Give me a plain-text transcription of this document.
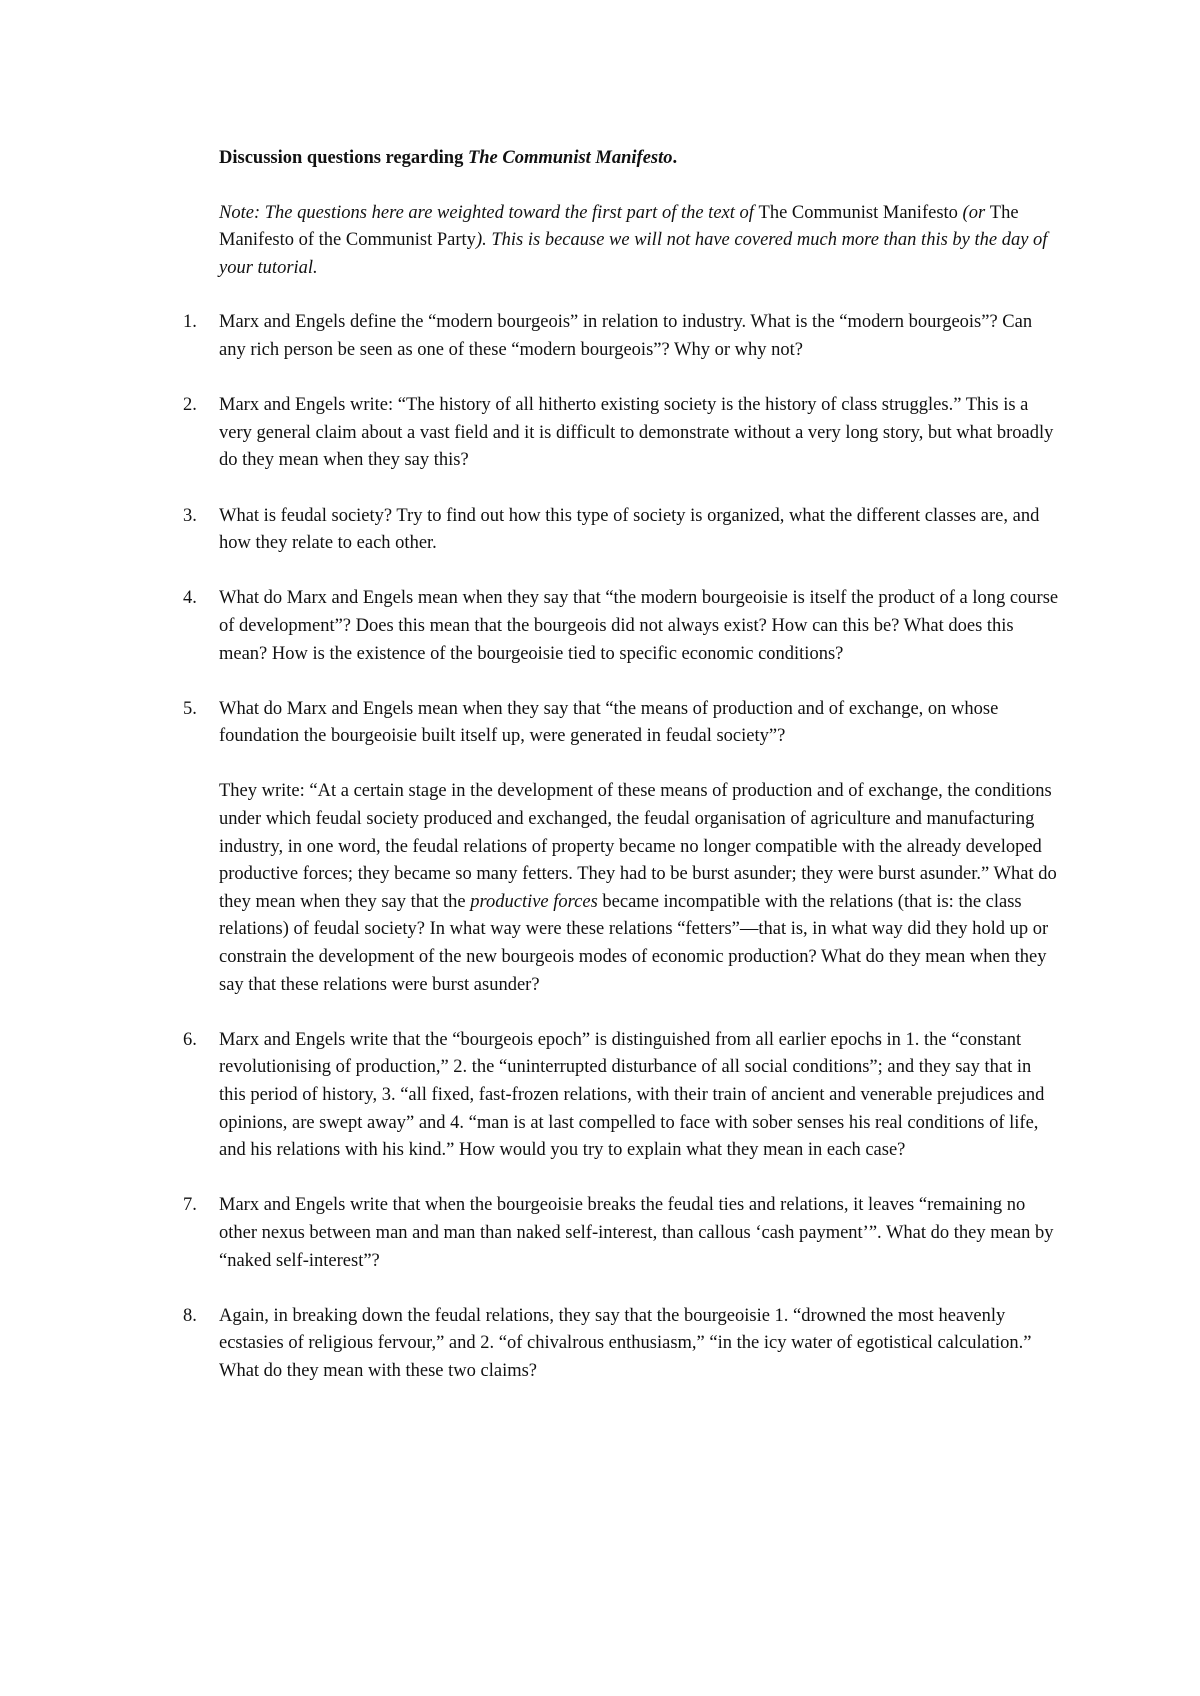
Discussion questions regarding The Communist Manifesto.

Note: The questions here are weighted toward the first part of the text of The Communist Manifesto (or The Manifesto of the Communist Party). This is because we will not have covered much more than this by the day of your tutorial.

1.	Marx and Engels define the “modern bourgeois” in relation to industry. What is the “modern bourgeois”? Can any rich person be seen as one of these “modern bourgeois”? Why or why not?

2.	Marx and Engels write: “The history of all hitherto existing society is the history of class struggles.” This is a very general claim about a vast field and it is difficult to demonstrate without a very long story, but what broadly do they mean when they say this?

3.	What is feudal society? Try to find out how this type of society is organized, what the different classes are, and how they relate to each other.

4.	What do Marx and Engels mean when they say that “the modern bourgeoisie is itself the product of a long course of development”? Does this mean that the bourgeois did not always exist? How can this be? What does this mean? How is the existence of the bourgeoisie tied to specific economic conditions?

5.	What do Marx and Engels mean when they say that “the means of production and of exchange, on whose foundation the bourgeoisie built itself up, were generated in feudal society”?

They write: “At a certain stage in the development of these means of production and of exchange, the conditions under which feudal society produced and exchanged, the feudal organisation of agriculture and manufacturing industry, in one word, the feudal relations of property became no longer compatible with the already developed productive forces; they became so many fetters. They had to be burst asunder; they were burst asunder.” What do they mean when they say that the productive forces became incompatible with the relations (that is: the class relations) of feudal society? In what way were these relations “fetters”—that is, in what way did they hold up or constrain the development of the new bourgeois modes of economic production? What do they mean when they say that these relations were burst asunder?

6.	Marx and Engels write that the “bourgeois epoch” is distinguished from all earlier epochs in 1. the “constant revolutionising of production,” 2. the “uninterrupted disturbance of all social conditions”; and they say that in this period of history, 3. “all fixed, fast-frozen relations, with their train of ancient and venerable prejudices and opinions, are swept away” and 4. “man is at last compelled to face with sober senses his real conditions of life, and his relations with his kind.” How would you try to explain what they mean in each case?

7.	Marx and Engels write that when the bourgeoisie breaks the feudal ties and relations, it leaves “remaining no other nexus between man and man than naked self-interest, than callous ‘cash payment’”. What do they mean by “naked self-interest”?

8.	Again, in breaking down the feudal relations, they say that the bourgeoisie 1. “drowned the most heavenly ecstasies of religious fervour,” and 2. “of chivalrous enthusiasm,” “in the icy water of egotistical calculation.” What do they mean with these two claims?
